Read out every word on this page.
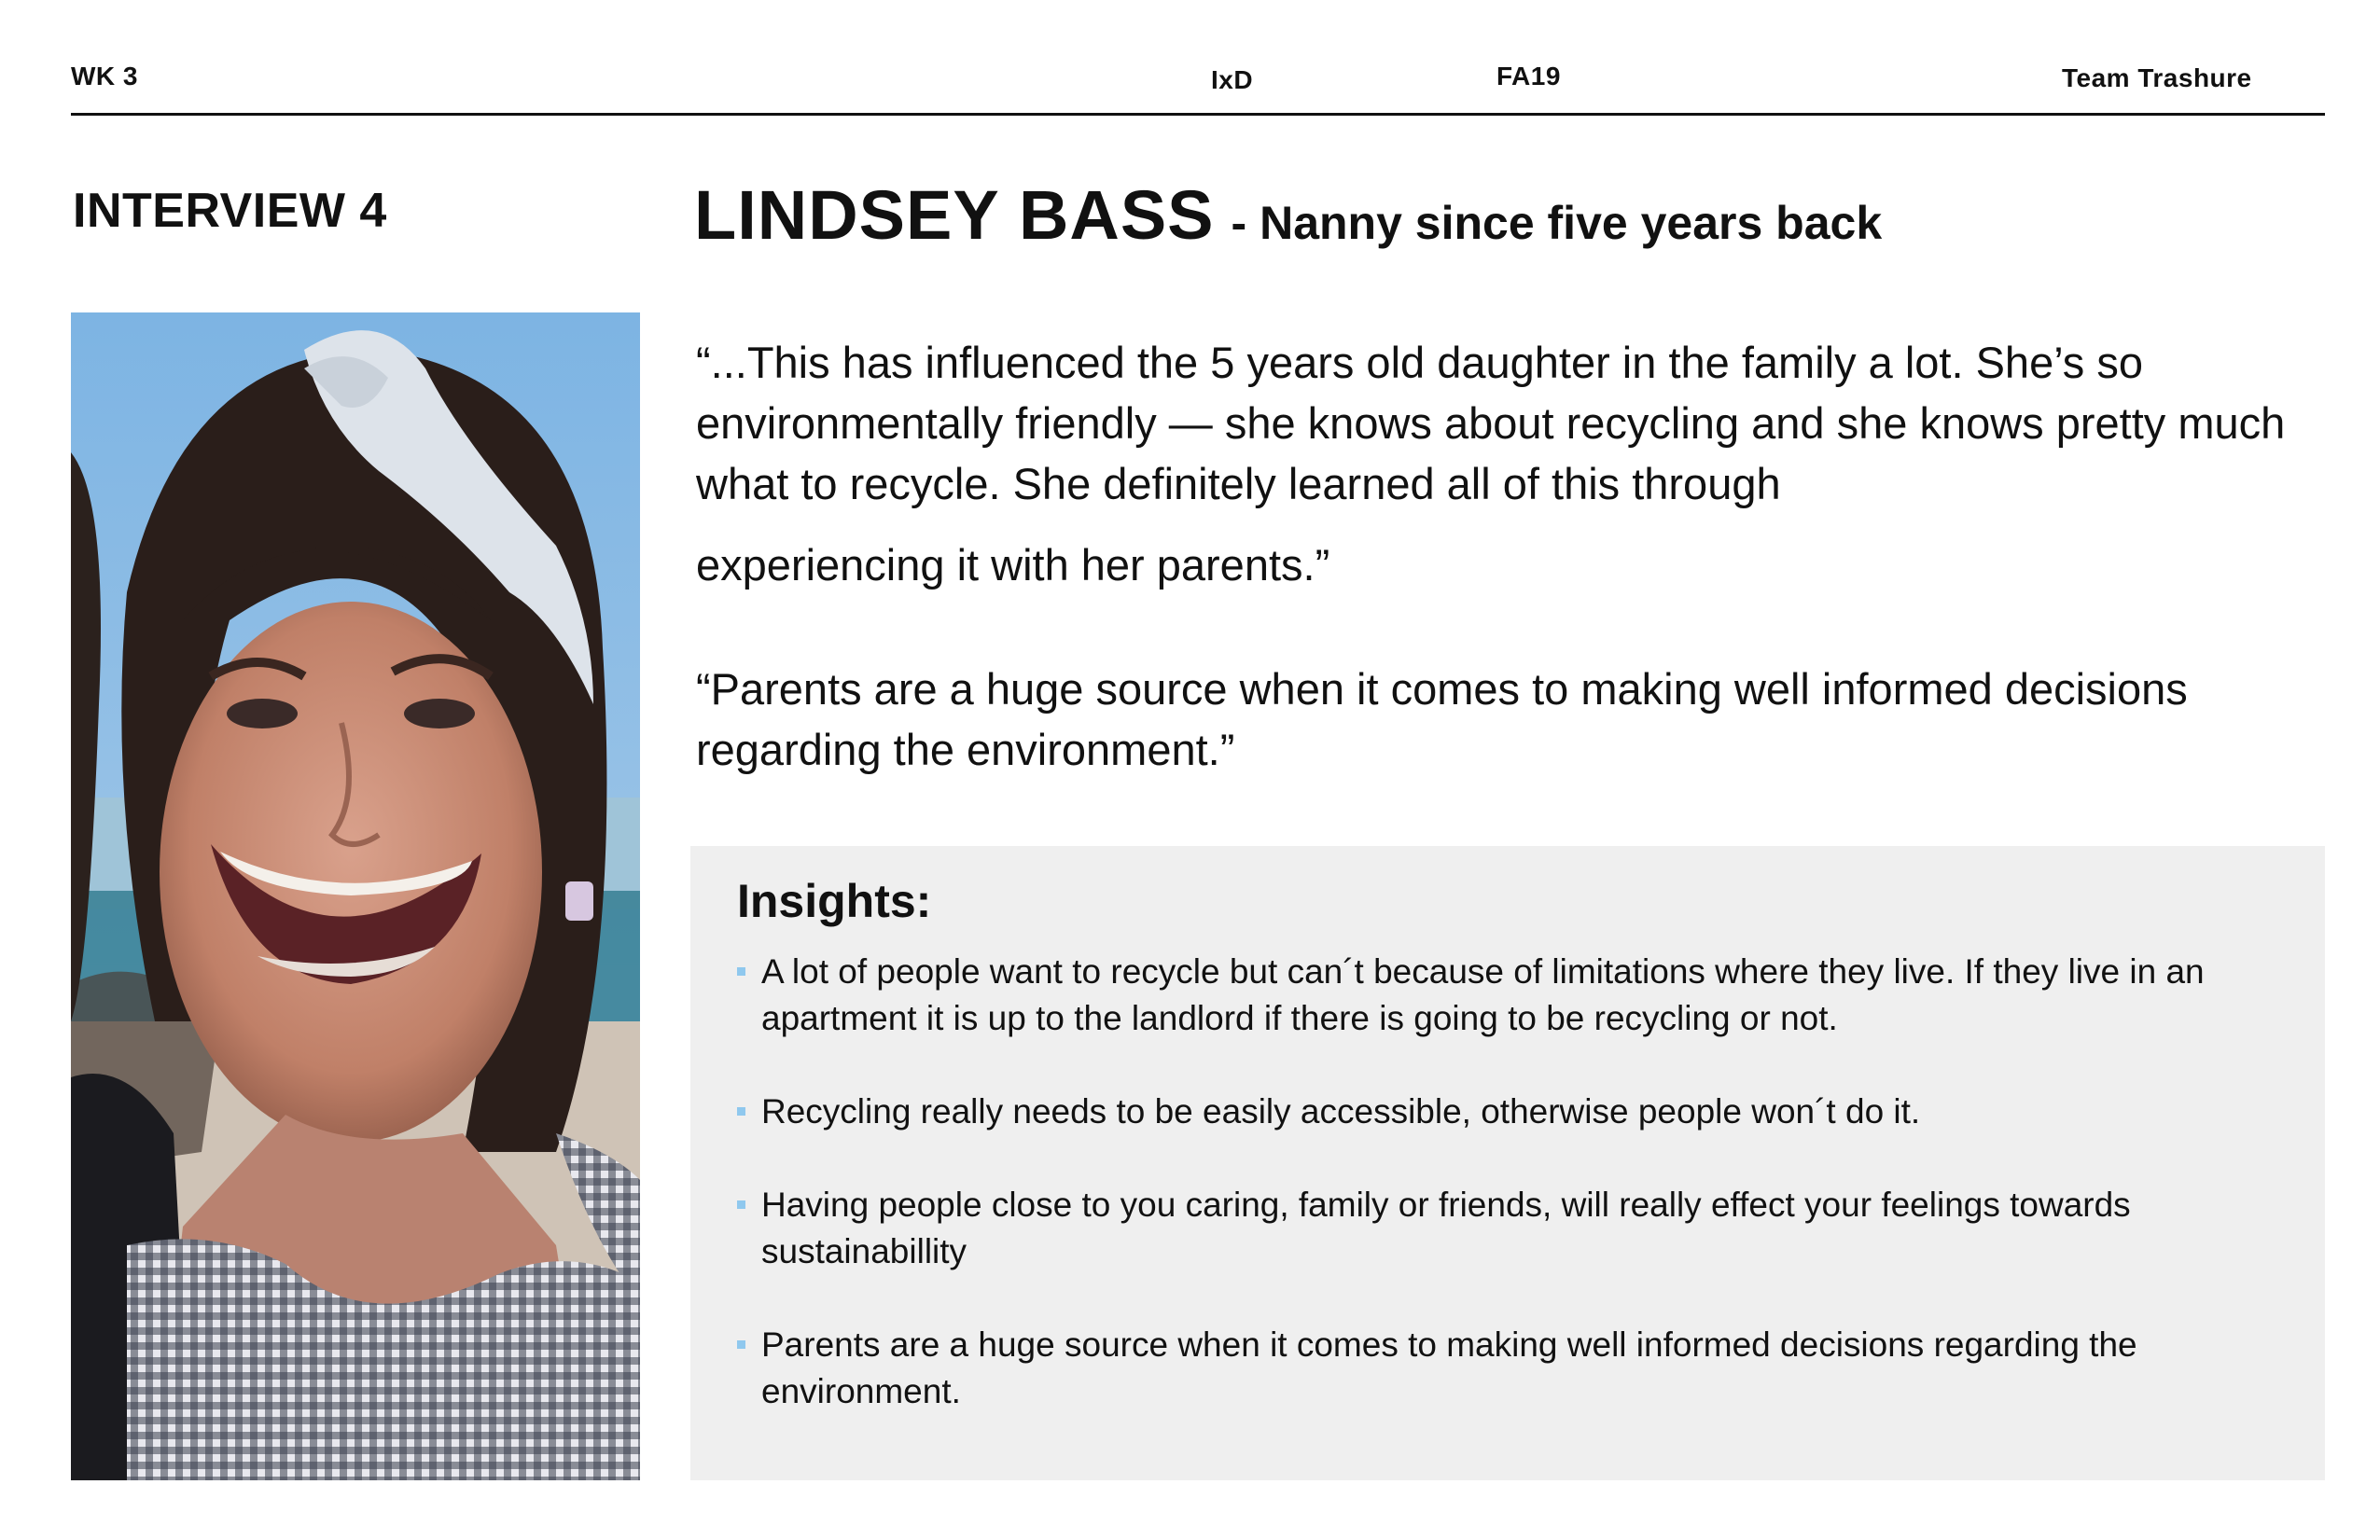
WK 3	IxD	FA19	Team Trashure
INTERVIEW 4	LINDSEY BASS - Nanny since five years back

“...This has influenced the 5 years old daughter in the family a lot. She’s so environmentally friendly — she knows about recycling and she knows pretty much what to recycle. She definitely learned all of this through
experiencing it with her parents.”

“Parents are a huge source when it comes to making well informed decisions regarding the environment.”

Insights:
A lot of people want to recycle but can´t because of limitations where they live. If they live in an apartment it is up to the landlord if there is going to be recycling or not.
Recycling really needs to be easily accessible, otherwise people won´t do it.
Having people close to you caring, family or friends, will really effect your feelings towards sustainabillity
Parents are a huge source when it comes to making well informed decisions regarding the environment.
